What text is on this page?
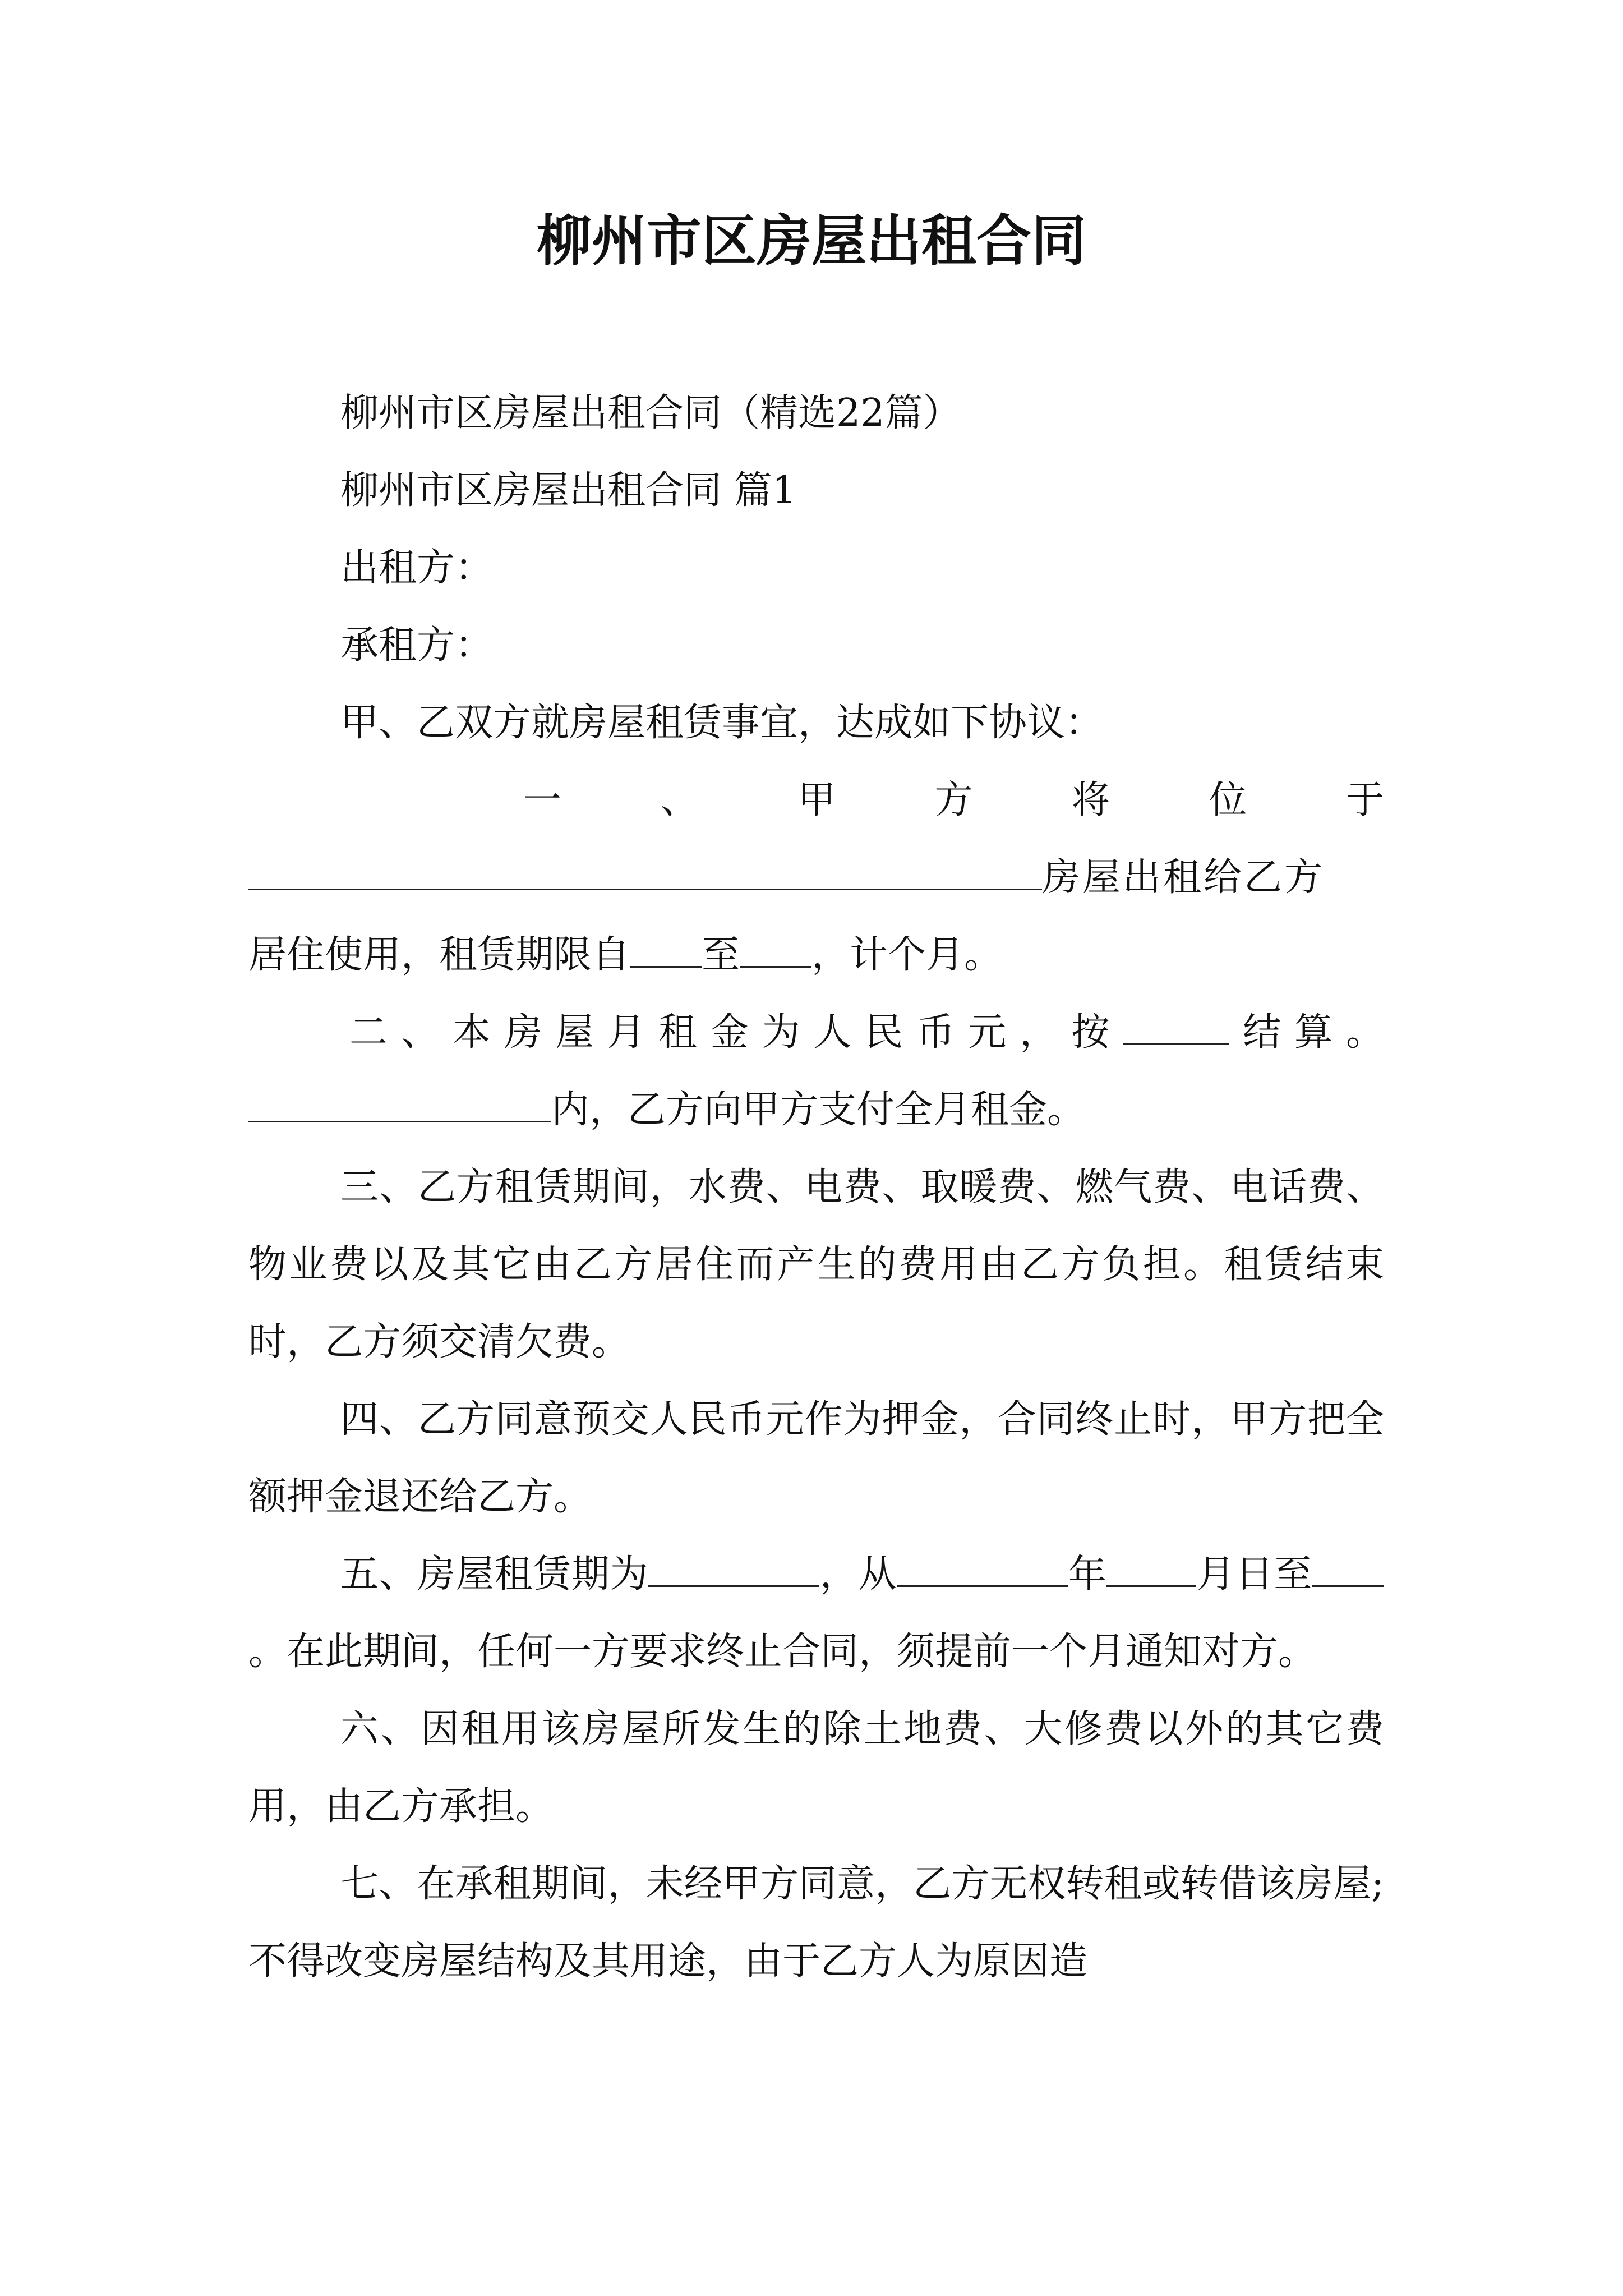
柳州市区房屋出租合同

柳州市区房屋出租合同（精选22篇）

柳州市区房屋出租合同 篇1

出租方：

承租方：

甲、乙双方就房屋租赁事宜，达成如下协议：

一、甲方将位于

房屋出租给乙方

居住使用，租赁期限自 至 ，计个月。

二、本房屋月租金为人民币元，按	结算。

内，乙方向甲方支付全月租金。

三、乙方租赁期间，水费、电费、取暖费、燃气费、电话费、物业费以及其它由乙方居住而产生的费用由乙方负担。租赁结束时，乙方须交清欠费。

四、乙方同意预交人民币元作为押金，合同终止时，甲方把全额押金退还给乙方。

五、房屋租赁期为	，从	年 月日至。在此期间，任何一方要求终止合同，须提前一个月通知对方。

六、因租用该房屋所发生的除土地费、大修费以外的其它费用，由乙方承担。

七、在承租期间，未经甲方同意，乙方无权转租或转借该房屋;不得改变房屋结构及其用途，由于乙方人为原因造
